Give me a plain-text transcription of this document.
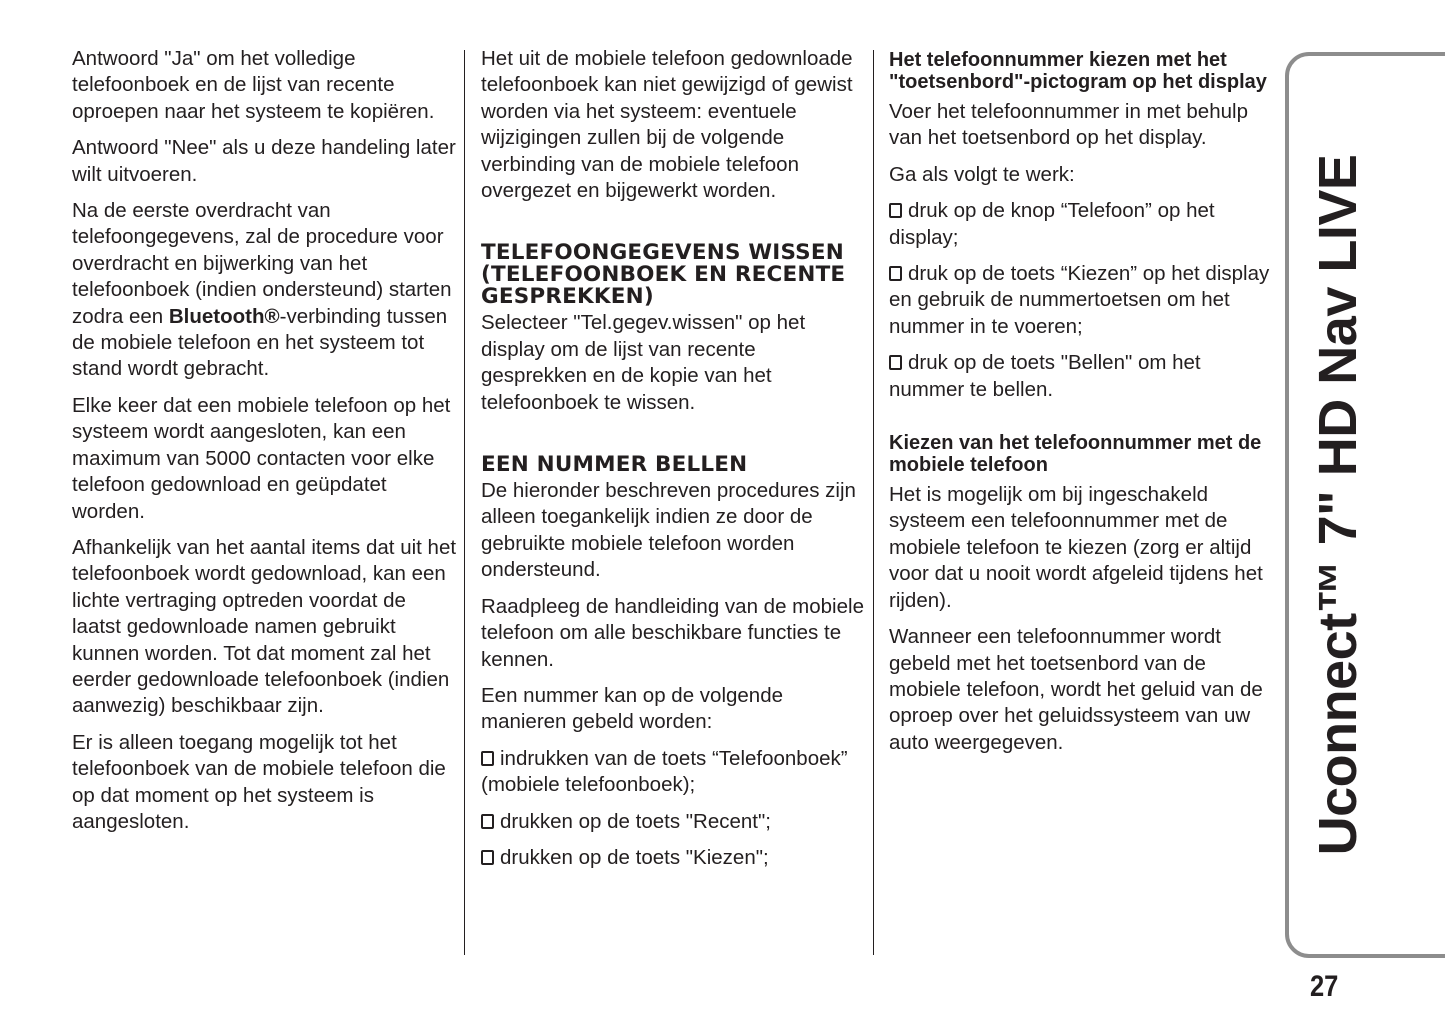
Antwoord "Ja" om het volledige telefoonboek en de lijst van recente oproepen naar het systeem te kopiëren.

Antwoord "Nee" als u deze handeling later wilt uitvoeren.

Na de eerste overdracht van telefoongegevens, zal de procedure voor overdracht en bijwerking van het telefoonboek (indien ondersteund) starten zodra een Bluetooth®-verbinding tussen de mobiele telefoon en het systeem tot stand wordt gebracht.

Elke keer dat een mobiele telefoon op het systeem wordt aangesloten, kan een maximum van 5000 contacten voor elke telefoon gedownload en geüpdatet worden.

Afhankelijk van het aantal items dat uit het telefoonboek wordt gedownload, kan een lichte vertraging optreden voordat de laatst gedownloade namen gebruikt kunnen worden. Tot dat moment zal het eerder gedownloade telefoonboek (indien aanwezig) beschikbaar zijn.

Er is alleen toegang mogelijk tot het telefoonboek van de mobiele telefoon die op dat moment op het systeem is aangesloten.

Het uit de mobiele telefoon gedownloade telefoonboek kan niet gewijzigd of gewist worden via het systeem: eventuele wijzigingen zullen bij de volgende verbinding van de mobiele telefoon overgezet en bijgewerkt worden.

TELEFOONGEGEVENS WISSEN (TELEFOONBOEK EN RECENTE GESPREKKEN)

Selecteer "Tel.gegev.wissen" op het display om de lijst van recente gesprekken en de kopie van het telefoonboek te wissen.

EEN NUMMER BELLEN

De hieronder beschreven procedures zijn alleen toegankelijk indien ze door de gebruikte mobiele telefoon worden ondersteund.

Raadpleeg de handleiding van de mobiele telefoon om alle beschikbare functies te kennen.

Een nummer kan op de volgende manieren gebeld worden:

indrukken van de toets “Telefoonboek” (mobiele telefoonboek);

drukken op de toets "Recent";

drukken op de toets "Kiezen";

Het telefoonnummer kiezen met het "toetsenbord"-pictogram op het display

Voer het telefoonnummer in met behulp van het toetsenbord op het display.

Ga als volgt te werk:

druk op de knop “Telefoon” op het display;

druk op de toets “Kiezen” op het display en gebruik de nummertoetsen om het nummer in te voeren;

druk op de toets "Bellen" om het nummer te bellen.

Kiezen van het telefoonnummer met de mobiele telefoon

Het is mogelijk om bij ingeschakeld systeem een telefoonnummer met de mobiele telefoon te kiezen (zorg er altijd voor dat u nooit wordt afgeleid tijdens het rijden).

Wanneer een telefoonnummer wordt gebeld met het toetsenbord van de mobiele telefoon, wordt het geluid van de oproep over het geluidssysteem van uw auto weergegeven.	Uconnect™ 7" HD Nav LIVE
27
